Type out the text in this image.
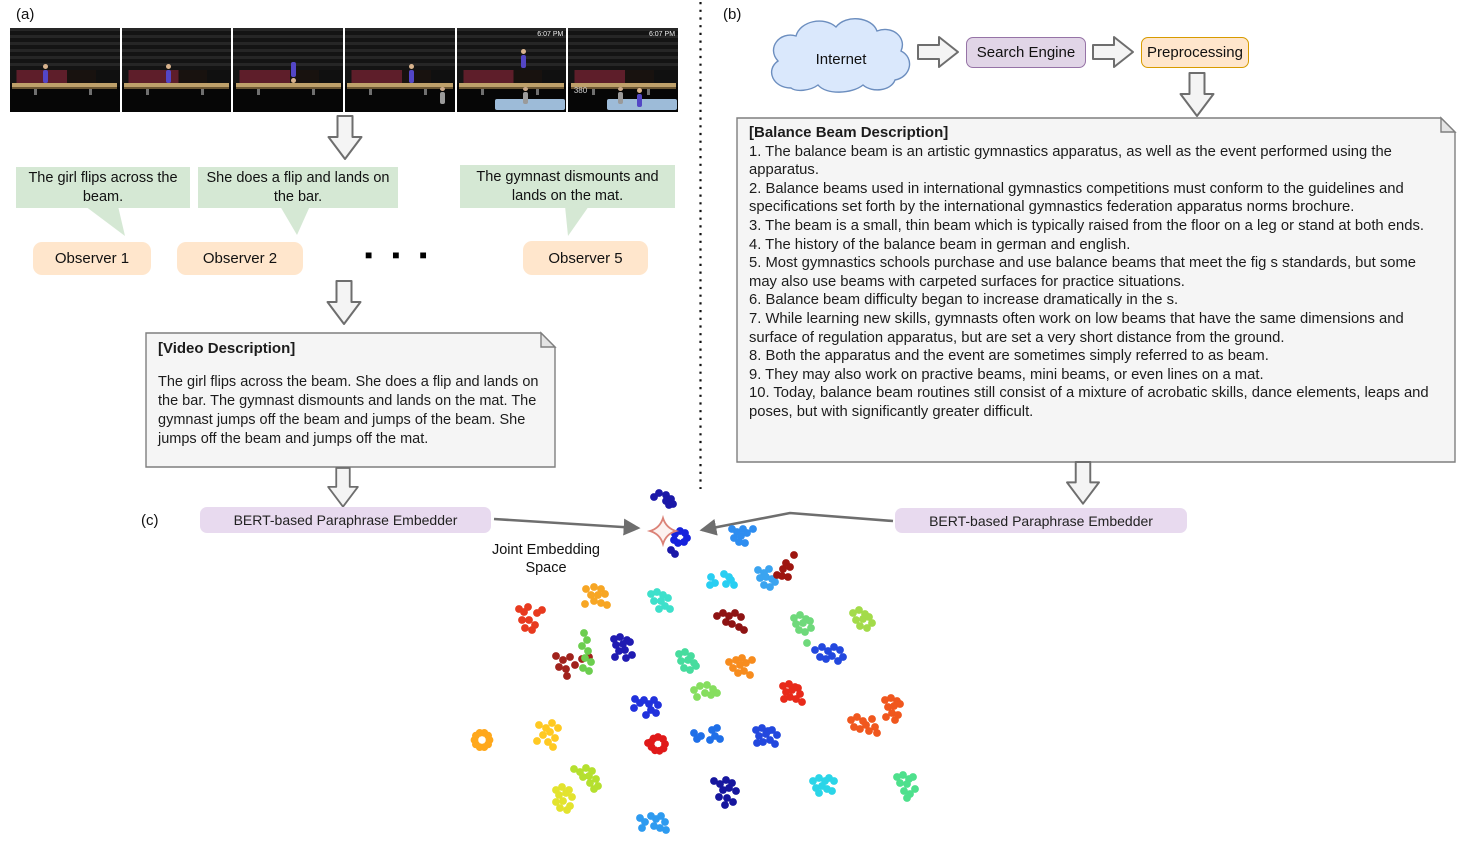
(a)
6:07 PM	6:07 PM
380
The girl flips across the beam.
She does a flip and lands on the bar.
The gymnast dismounts and lands on the mat.
Observer 1	Observer 2	■■■	Observer 5
[Video Description]
The girl flips across the beam. She does a flip and lands on the bar. The gymnast dismounts and lands on the mat. The gymnast jumps off the beam and jumps of the beam. She jumps off the beam and jumps off the mat.
(c)	BERT-based Paraphrase Embedder
Joint Embedding Space
(b)
Internet	Search Engine	Preprocessing
[Balance Beam Description]
1. The balance beam is an artistic gymnastics apparatus, as well as the event performed using the apparatus.
2. Balance beams used in international gymnastics competitions must conform to the guidelines and specifications set forth by the international gymnastics federation apparatus norms brochure.
3. The beam is a small, thin beam which is typically raised from the floor on a leg or stand at both ends.
4. The history of the balance beam in german and english.
5. Most gymnastics schools purchase and use balance beams that meet the fig s standards, but some may also use beams with carpeted surfaces for practice situations.
6. Balance beam difficulty began to increase dramatically in the s.
7. While learning new skills, gymnasts often work on low beams that have the same dimensions and surface of regulation apparatus, but are set a very short distance from the ground.
8. Both the apparatus and the event are sometimes simply referred to as beam.
9. They may also work on practive beams, mini beams, or even lines on a mat.
10. Today, balance beam routines still consist of a mixture of acrobatic skills, dance elements, leaps and poses, but with significantly greater difficult.
BERT-based Paraphrase Embedder
